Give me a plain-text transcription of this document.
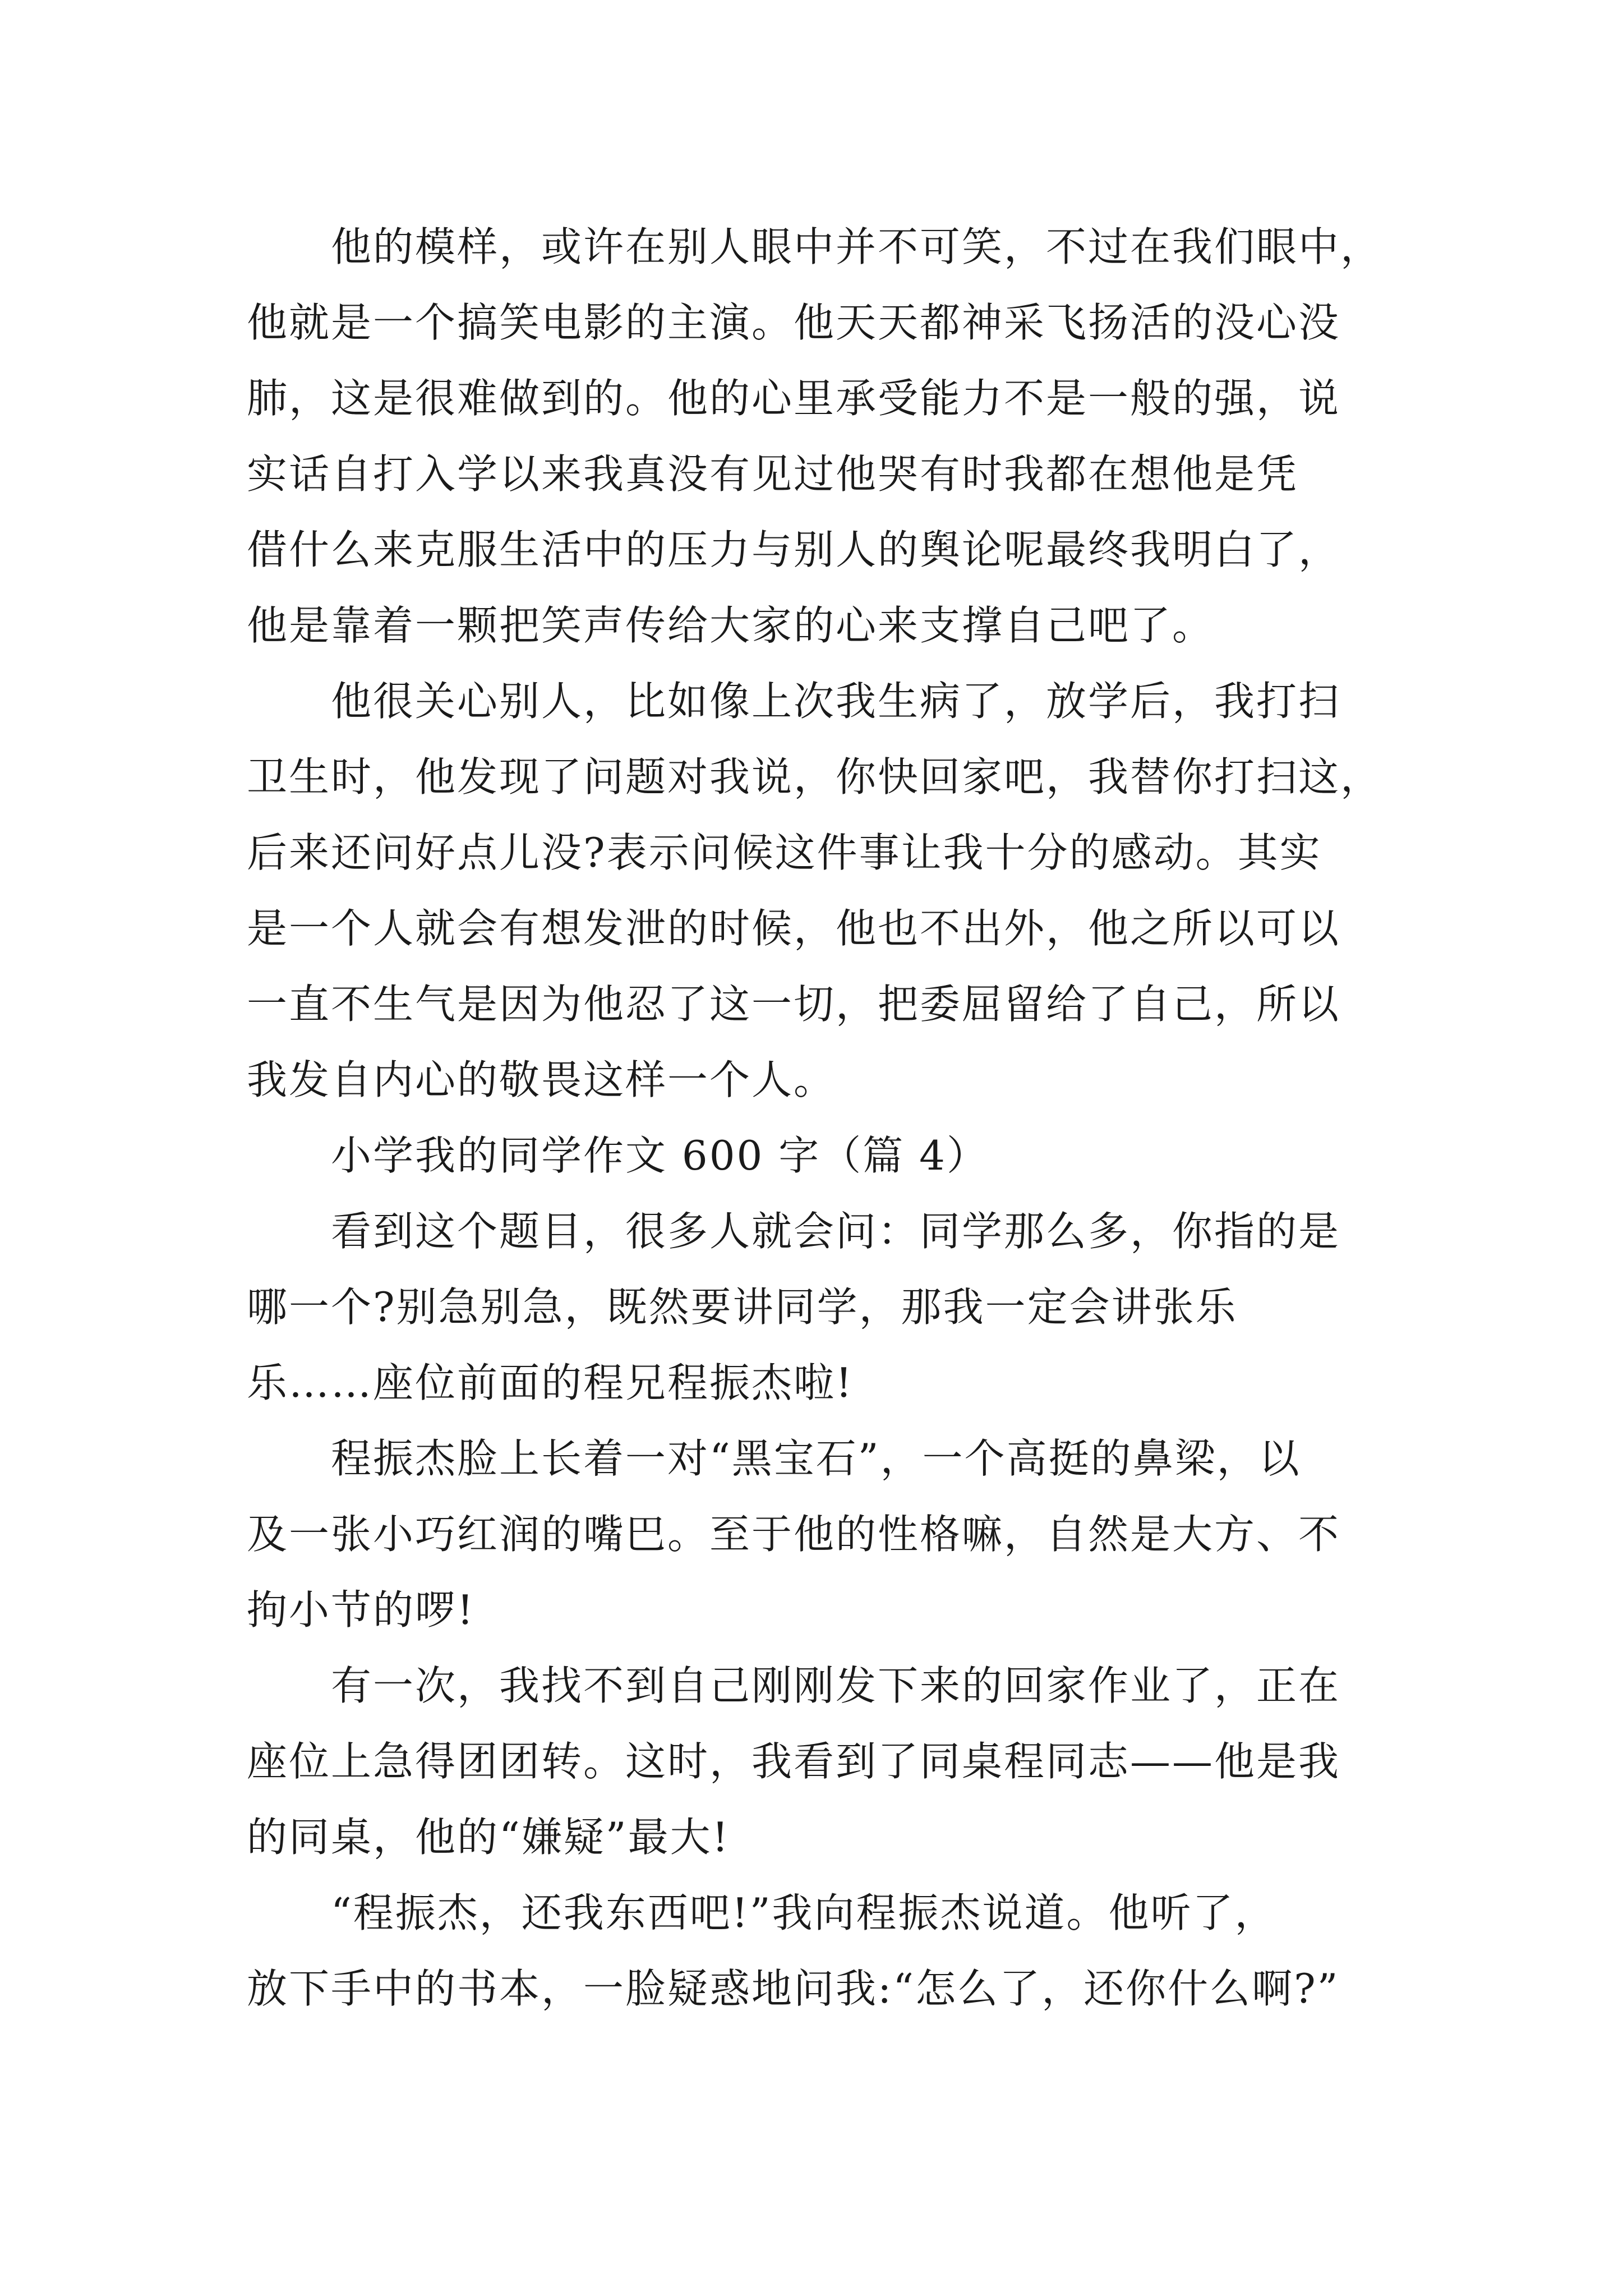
他的模样，或许在别人眼中并不可笑，不过在我们眼中，
他就是一个搞笑电影的主演。他天天都神采飞扬活的没心没
肺，这是很难做到的。他的心里承受能力不是一般的强，说
实话自打入学以来我真没有见过他哭有时我都在想他是凭
借什么来克服生活中的压力与别人的舆论呢最终我明白了，
他是靠着一颗把笑声传给大家的心来支撑自己吧了。
他很关心别人，比如像上次我生病了，放学后，我打扫
卫生时，他发现了问题对我说，你快回家吧，我替你打扫这，
后来还问好点儿没?表示问候这件事让我十分的感动。其实
是一个人就会有想发泄的时候，他也不出外，他之所以可以
一直不生气是因为他忍了这一切，把委屈留给了自己，所以
我发自内心的敬畏这样一个人。
小学我的同学作文 600 字（篇 4）
看到这个题目，很多人就会问：同学那么多，你指的是
哪一个?别急别急，既然要讲同学，那我一定会讲张乐
乐……座位前面的程兄程振杰啦!
程振杰脸上长着一对“黑宝石”，一个高挺的鼻梁，以
及一张小巧红润的嘴巴。至于他的性格嘛，自然是大方、不
拘小节的啰!
有一次，我找不到自己刚刚发下来的回家作业了，正在
座位上急得团团转。这时，我看到了同桌程同志——他是我
的同桌，他的“嫌疑”最大!
“程振杰，还我东西吧!”我向程振杰说道。他听了，
放下手中的书本，一脸疑惑地问我:“怎么了，还你什么啊?”
